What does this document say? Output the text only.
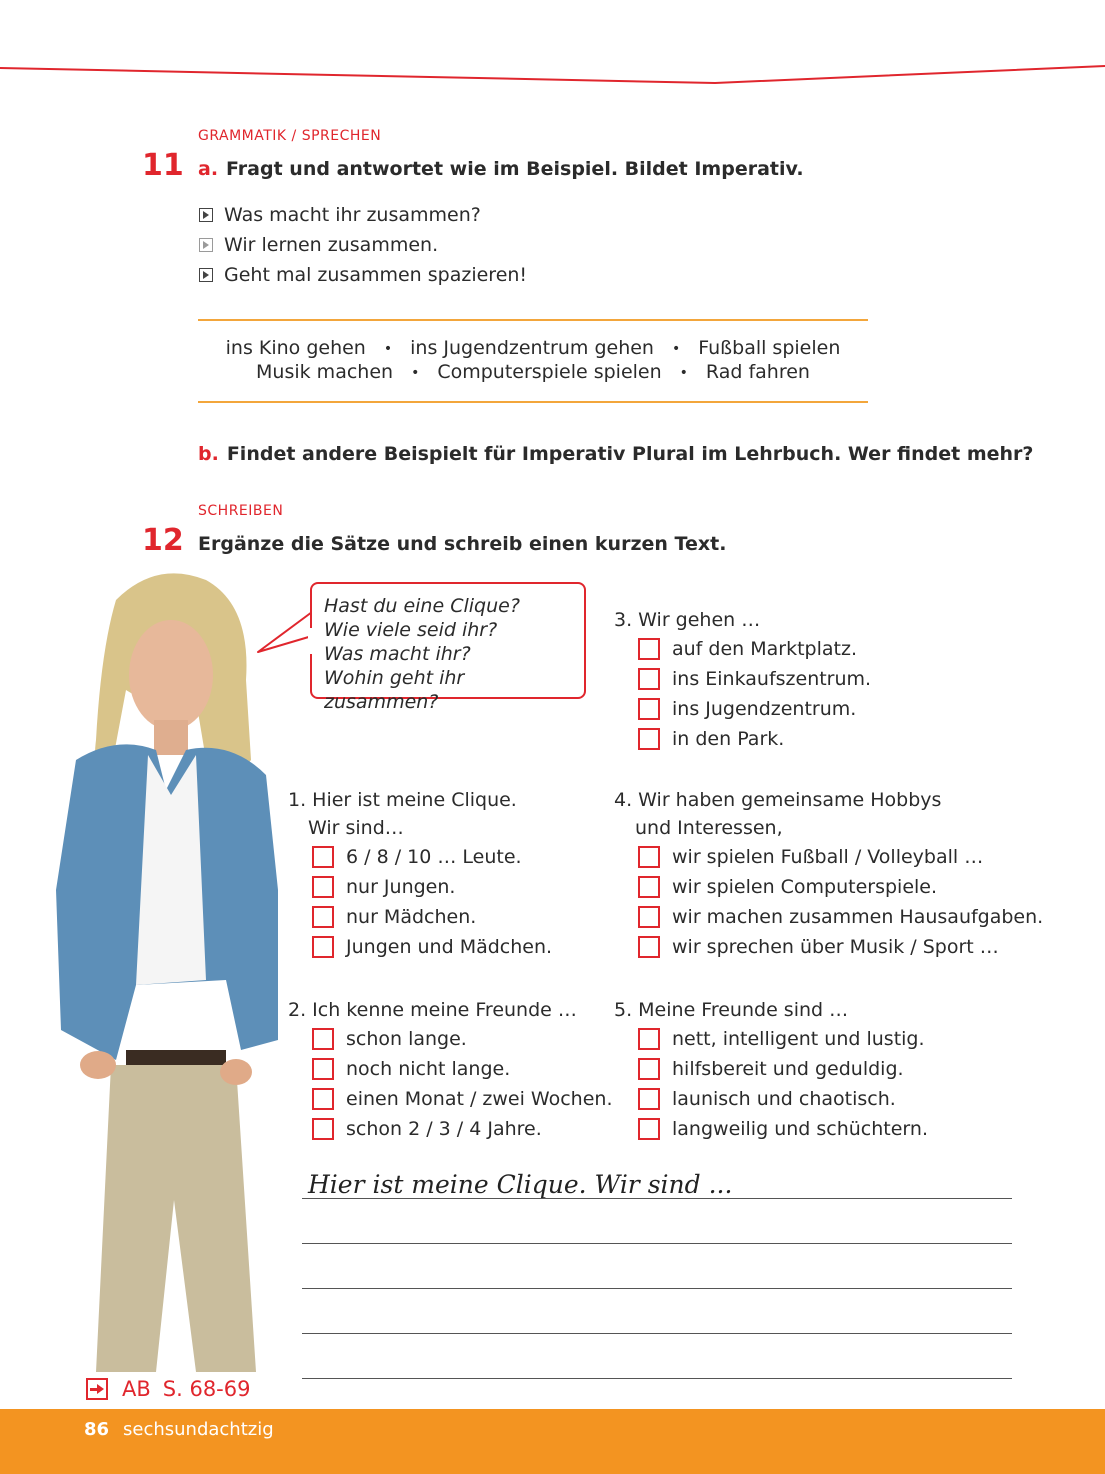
GRAMMATIK / SPRECHEN
11 a. Fragt und antwortet wie im Beispiel. Bildet Imperativ.
Was macht ihr zusammen?
Wir lernen zusammen.
Geht mal zusammen spazieren!
ins Kino gehen • ins Jugendzentrum gehen • Fußball spielen
Musik machen • Computerspiele spielen • Rad fahren
b. Findet andere Beispielt für Imperativ Plural im Lehrbuch. Wer findet mehr?
SCHREIBEN
12 Ergänze die Sätze und schreib einen kurzen Text.
Hast du eine Clique?
Wie viele seid ihr?
Was macht ihr?
Wohin geht ihr zusammen?
3. Wir gehen …
auf den Marktplatz.
ins Einkaufszentrum.
ins Jugendzentrum.
in den Park.
1. Hier ist meine Clique.
Wir sind…
6 / 8 / 10 … Leute.
nur Jungen.
nur Mädchen.
Jungen und Mädchen.
4. Wir haben gemeinsame Hobbys
und Interessen,
wir spielen Fußball / Volleyball …
wir spielen Computerspiele.
wir machen zusammen Hausaufgaben.
wir sprechen über Musik / Sport …
2. Ich kenne meine Freunde …
schon lange.
noch nicht lange.
einen Monat / zwei Wochen.
schon 2 / 3 / 4 Jahre.
5. Meine Freunde sind …
nett, intelligent und lustig.
hilfsbereit und geduldig.
launisch und chaotisch.
langweilig und schüchtern.
Hier ist meine Clique. Wir sind ...
AB S. 68-69
86 sechsundachtzig
